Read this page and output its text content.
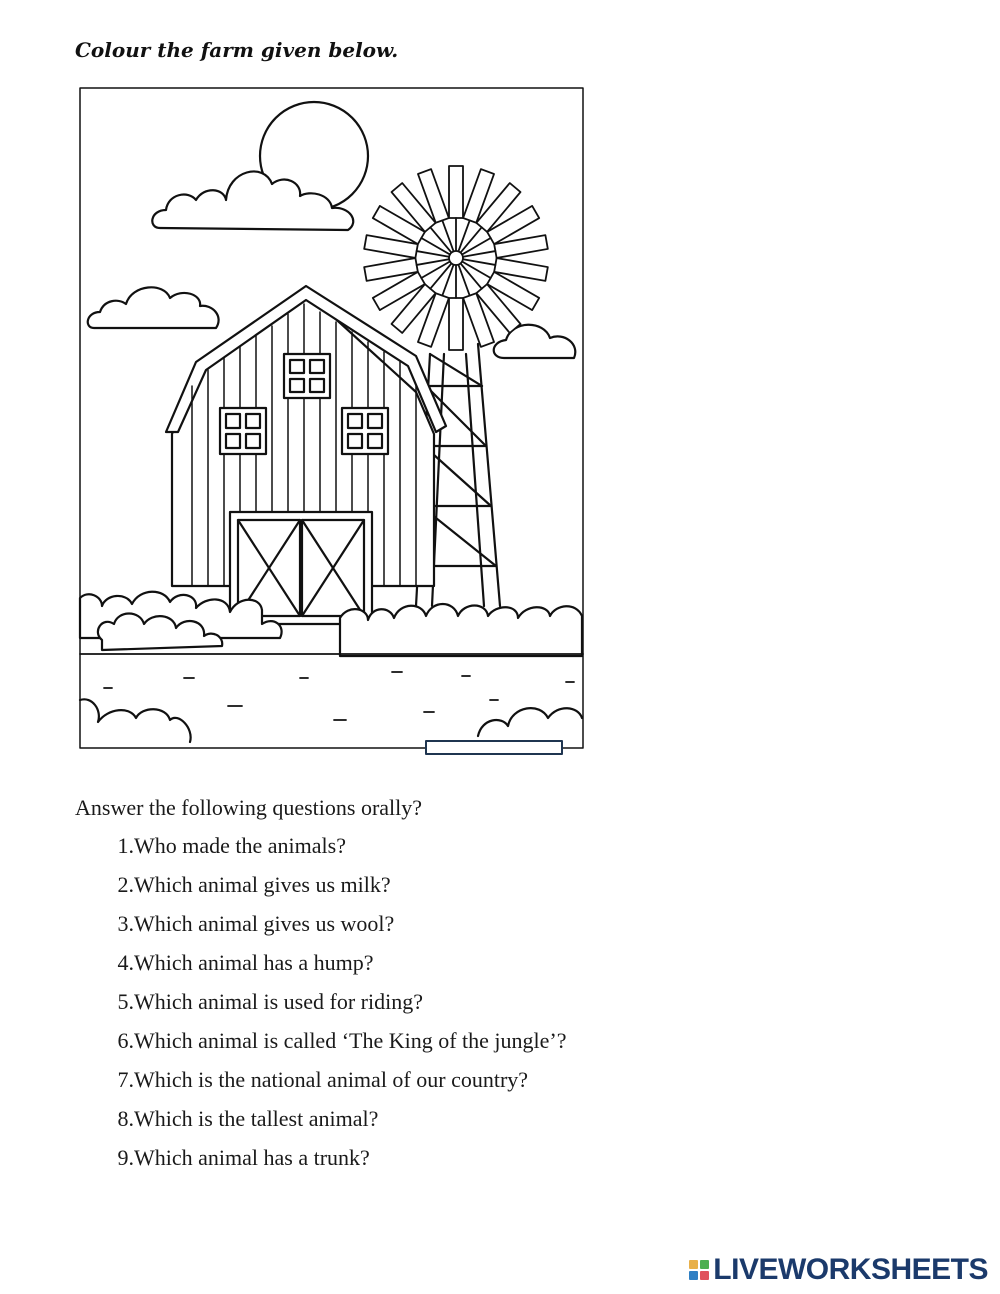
Colour the farm given below.

Answer the following questions orally?

1. Who made the animals?
2. Which animal gives us milk?
3. Which animal gives us wool?
4. Which animal has a hump?
5. Which animal is used for riding?
6. Which animal is called ‘The King of the jungle’?
7. Which is the national animal of our country?
8. Which is the tallest animal?
9. Which animal has a trunk?
LIVEWORKSHEETS
